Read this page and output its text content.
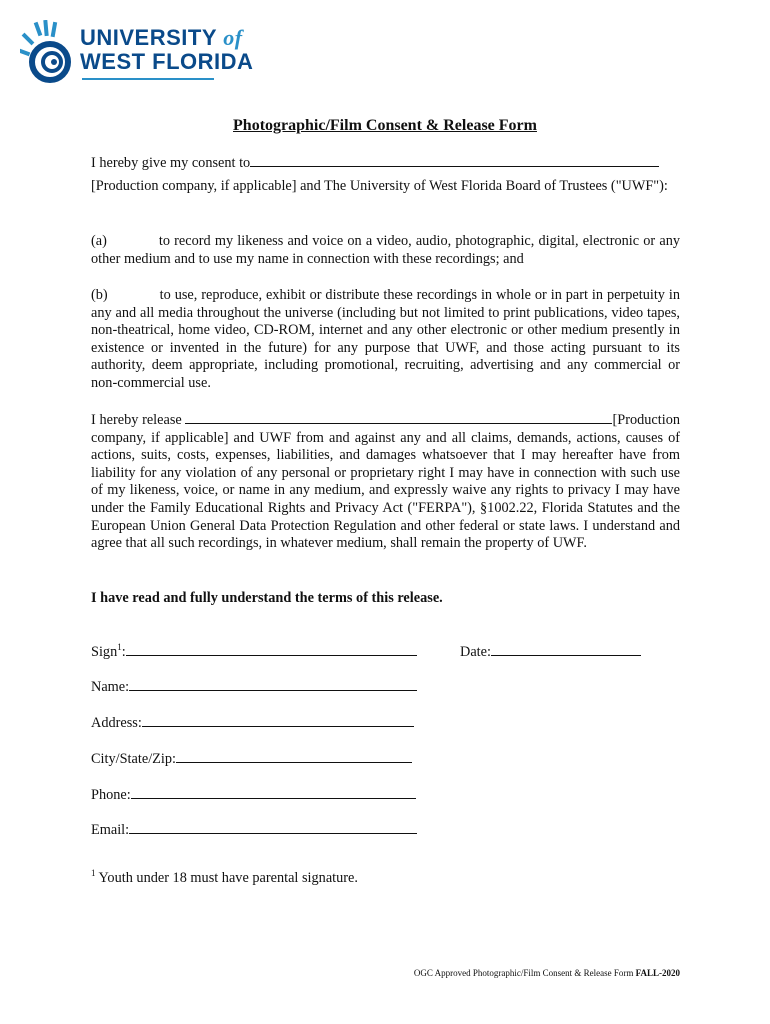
UNIVERSITY of
WEST FLORIDA
Photographic/Film Consent & Release Form
I hereby give my consent to
[Production company, if applicable] and The University of West Florida Board of Trustees ("UWF"):
(a)	to record my likeness and voice on a video, audio, photographic, digital, electronic or any other medium and to use my name in connection with these recordings; and
(b)	to use, reproduce, exhibit or distribute these recordings in whole or in part in perpetuity in any and all media throughout the universe (including but not limited to print publications, video tapes, non-theatrical, home video, CD-ROM, internet and any other electronic or other medium presently in existence or invented in the future) for any purpose that UWF, and those acting pursuant to its authority, deem appropriate, including promotional, recruiting, advertising and any commercial or non-commercial use.
I hereby release	[Production company, if applicable] and UWF from and against any and all claims, demands, actions, causes of actions, suits, costs, expenses, liabilities, and damages whatsoever that I may hereafter have from liability for any violation of any personal or proprietary right I may have in connection with such use of my likeness, voice, or name in any medium, and expressly waive any rights to privacy I may have under the Family Educational Rights and Privacy Act ("FERPA"), §1002.22, Florida Statutes and the European Union General Data Protection Regulation and other federal or state laws. I understand and agree that all such recordings, in whatever medium, shall remain the property of UWF.
I have read and fully understand the terms of this release.
Sign$^1$:	Date:
Name:
Address:
City/State/Zip:
Phone:
Email:
$^1$ Youth under 18 must have parental signature.
OGC Approved Photographic/Film Consent & Release Form FALL-2020
